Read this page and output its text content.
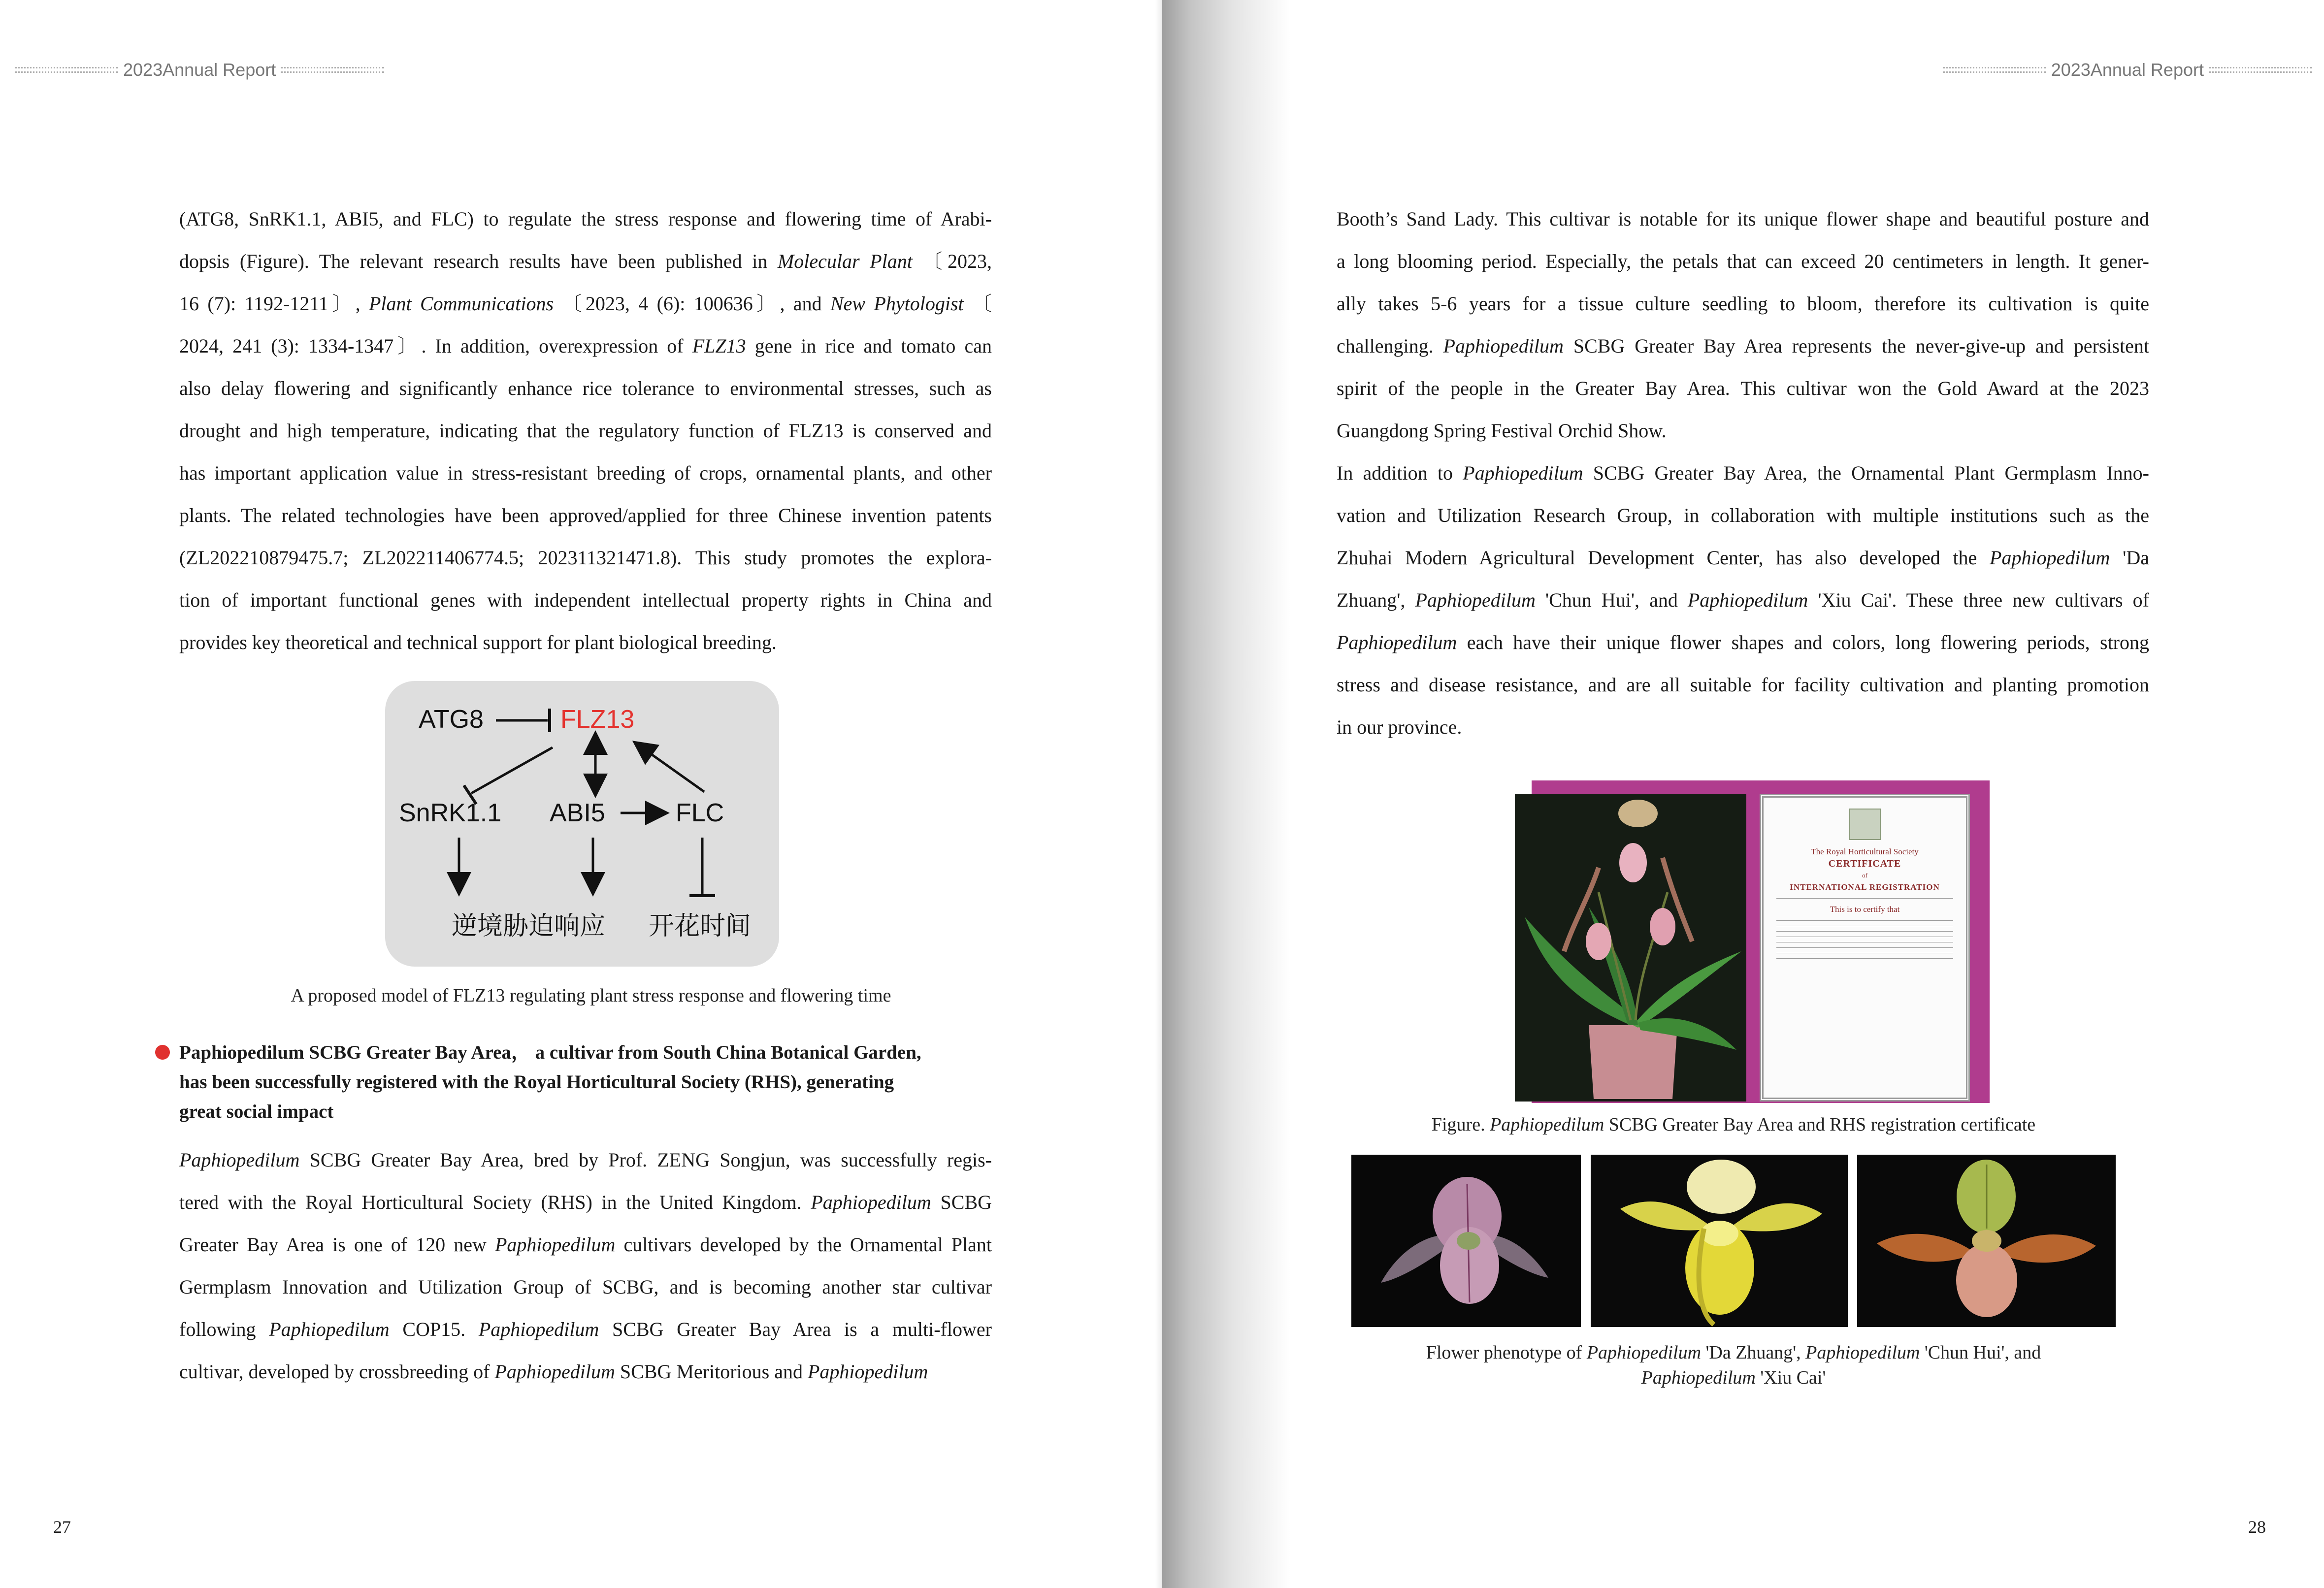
2023Annual Report
(ATG8, SnRK1.1, ABI5, and FLC) to regulate the stress response and flowering time of Arabi-
dopsis (Figure). The relevant research results have been published in Molecular Plant 〔2023,
16 (7): 1192-1211〕, Plant Communications 〔2023, 4 (6): 100636〕, and New Phytologist 〔
2024, 241 (3): 1334-1347〕. In addition, overexpression of FLZ13 gene in rice and tomato can
also delay flowering and significantly enhance rice tolerance to environmental stresses, such as
drought and high temperature, indicating that the regulatory function of FLZ13 is conserved and
has important application value in stress-resistant breeding of crops, ornamental plants, and other
plants. The related technologies have been approved/applied for three Chinese invention patents
(ZL202210879475.7; ZL202211406774.5; 202311321471.8). This study promotes the explora-
tion of important functional genes with independent intellectual property rights in China and
provides key theoretical and technical support for plant biological breeding.
ATG8	FLZ13
SnRK1.1 ABI5	FLC
逆境胁迫响应 开花时间
A proposed model of FLZ13 regulating plant stress response and flowering time
Paphiopedilum SCBG Greater Bay Area， a cultivar from South China Botanical Garden,
has been successfully registered with the Royal Horticultural Society (RHS), generating
great social impact
Paphiopedilum SCBG Greater Bay Area, bred by Prof. ZENG Songjun, was successfully regis-
tered with the Royal Horticultural Society (RHS) in the United Kingdom. Paphiopedilum SCBG
Greater Bay Area is one of 120 new Paphiopedilum cultivars developed by the Ornamental Plant
Germplasm Innovation and Utilization Group of SCBG, and is becoming another star cultivar
following Paphiopedilum COP15. Paphiopedilum SCBG Greater Bay Area is a multi-flower
cultivar, developed by crossbreeding of Paphiopedilum SCBG Meritorious and Paphiopedilum
27
2023Annual Report
28
Booth’s Sand Lady. This cultivar is notable for its unique flower shape and beautiful posture and
a long blooming period. Especially, the petals that can exceed 20 centimeters in length. It gener-
ally takes 5-6 years for a tissue culture seedling to bloom, therefore its cultivation is quite
challenging. Paphiopedilum SCBG Greater Bay Area represents the never-give-up and persistent
spirit of the people in the Greater Bay Area. This cultivar won the Gold Award at the 2023
Guangdong Spring Festival Orchid Show.
In addition to Paphiopedilum SCBG Greater Bay Area, the Ornamental Plant Germplasm Inno-
vation and Utilization Research Group, in collaboration with multiple institutions such as the
Zhuhai Modern Agricultural Development Center, has also developed the Paphiopedilum 'Da
Zhuang', Paphiopedilum 'Chun Hui', and Paphiopedilum 'Xiu Cai'. These three new cultivars of
Paphiopedilum each have their unique flower shapes and colors, long flowering periods, strong
stress and disease resistance, and are all suitable for facility cultivation and planting promotion
in our province.
The Royal Horticultural Society
CERTIFICATE
of
INTERNATIONAL REGISTRATION
This is to certify that
Figure. Paphiopedilum SCBG Greater Bay Area and RHS registration certificate
Flower phenotype of Paphiopedilum 'Da Zhuang', Paphiopedilum 'Chun Hui', and
Paphiopedilum 'Xiu Cai'
